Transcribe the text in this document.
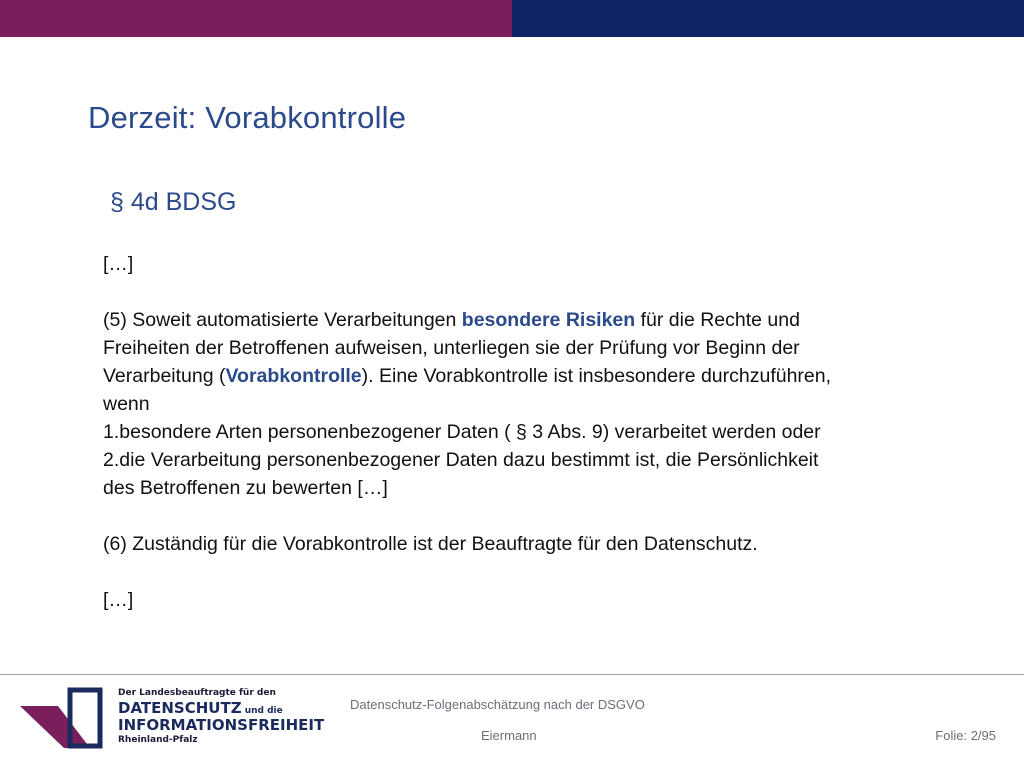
Derzeit: Vorabkontrolle
§ 4d BDSG

[…]

(5) Soweit automatisierte Verarbeitungen besondere Risiken für die Rechte und
Freiheiten der Betroffenen aufweisen, unterliegen sie der Prüfung vor Beginn der
Verarbeitung (Vorabkontrolle). Eine Vorabkontrolle ist insbesondere durchzuführen,
wenn
1.besondere Arten personenbezogener Daten ( § 3 Abs. 9) verarbeitet werden oder
2.die Verarbeitung personenbezogener Daten dazu bestimmt ist, die Persönlichkeit
des Betroffenen zu bewerten […]

(6) Zuständig für die Vorabkontrolle ist der Beauftragte für den Datenschutz.

[…]

Der Landesbeauftragte für den
DATENSCHUTZ und die
INFORMATIONSFREIHEIT
Rheinland-Pfalz
Datenschutz-Folgenabschätzung nach der DSGVO
Eiermann	Folie: 2/95
